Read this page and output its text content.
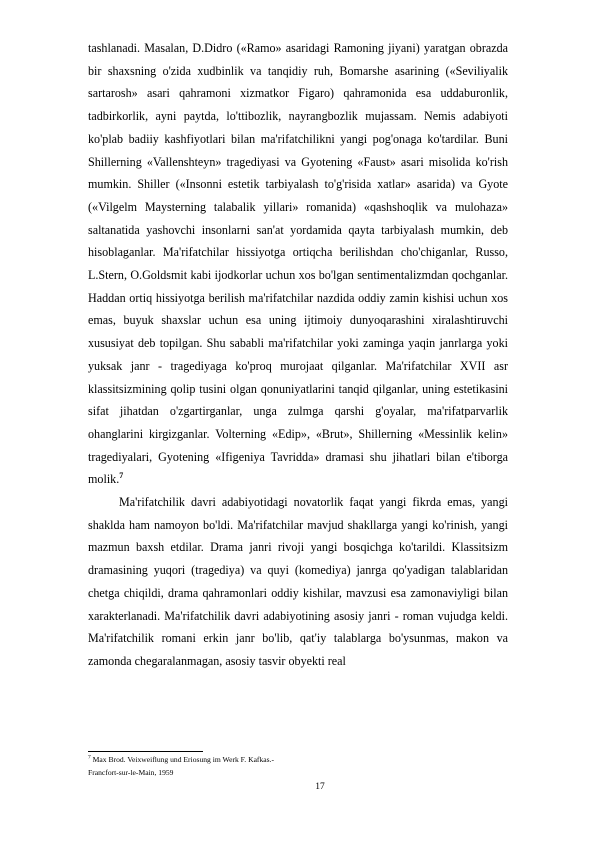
tashlanadi. Masalan, D.Didro («Ramo» asaridagi Ramoning jiyani) yaratgan obrazda bir shaxsning o'zida xudbinlik va tanqidiy ruh, Bomarshe asarining («Seviliyalik sartarosh» asari qahramoni xizmatkor Figaro) qahramonida esa uddaburonlik, tadbirkorlik, ayni paytda, lo'ttibozlik, nayrangbozlik mujassam. Nemis adabiyoti ko'plab badiiy kashfiyotlari bilan ma'rifatchilikni yangi pog'onaga ko'tardilar. Buni Shillerning «Vallenshteyn» tragediyasi va Gyotening «Faust» asari misolida ko'rish mumkin. Shiller («Insonni estetik tarbiyalash to'g'risida xatlar» asarida) va Gyote («Vilgelm Maysterning talabalik yillari» romanida) «qashshoqlik va mulohaza» saltanatida yashovchi insonlarni san'at yordamida qayta tarbiyalash mumkin, deb hisoblaganlar. Ma'rifatchilar hissiyotga ortiqcha berilishdan cho'chiganlar, Russo, L.Stern, O.Goldsmit kabi ijodkorlar uchun xos bo'lgan sentimentalizmdan qochganlar. Haddan ortiq hissiyotga berilish ma'rifatchilar nazdida oddiy zamin kishisi uchun xos emas, buyuk shaxslar uchun esa uning ijtimoiy dunyoqarashini xiralashtiruvchi xususiyat deb topilgan. Shu sababli ma'rifatchilar yoki zaminga yaqin janrlarga yoki yuksak janr - tragediyaga ko'proq murojaat qilganlar. Ma'rifatchilar XVII asr klassitsizmining qolip tusini olgan qonuniyatlarini tanqid qilganlar, uning estetikasini sifat jihatdan o'zgartirganlar, unga zulmga qarshi g'oyalar, ma'rifatparvarlik ohanglarini kirgizganlar. Volterning «Edip», «Brut», Shillerning «Messinlik kelin» tragediyalari, Gyotening «Ifigeniya Tavridda» dramasi shu jihatlari bilan e'tiborga molik.$^7$

Ma'rifatchilik davri adabiyotidagi novatorlik faqat yangi fikrda emas, yangi shaklda ham namoyon bo'ldi. Ma'rifatchilar mavjud shakllarga yangi ko'rinish, yangi mazmun baxsh etdilar. Drama janri rivoji yangi bosqichga ko'tarildi. Klassitsizm dramasining yuqori (tragediya) va quyi (komediya) janrga qo'yadigan talablaridan chetga chiqildi, drama qahramonlari oddiy kishilar, mavzusi esa zamonaviyligi bilan xarakterlanadi. Ma'rifatchilik davri adabiyotining asosiy janri - roman vujudga keldi. Ma'rifatchilik romani erkin janr bo'lib, qat'iy talablarga bo'ysunmas, makon va zamonda chegaralanmagan, asosiy tasvir obyekti real

$^7$ Max Brod. Veixweiflung und Eriosung im Werk F. Kafkas.-

Francfort-sur-le-Main, 1959

17
